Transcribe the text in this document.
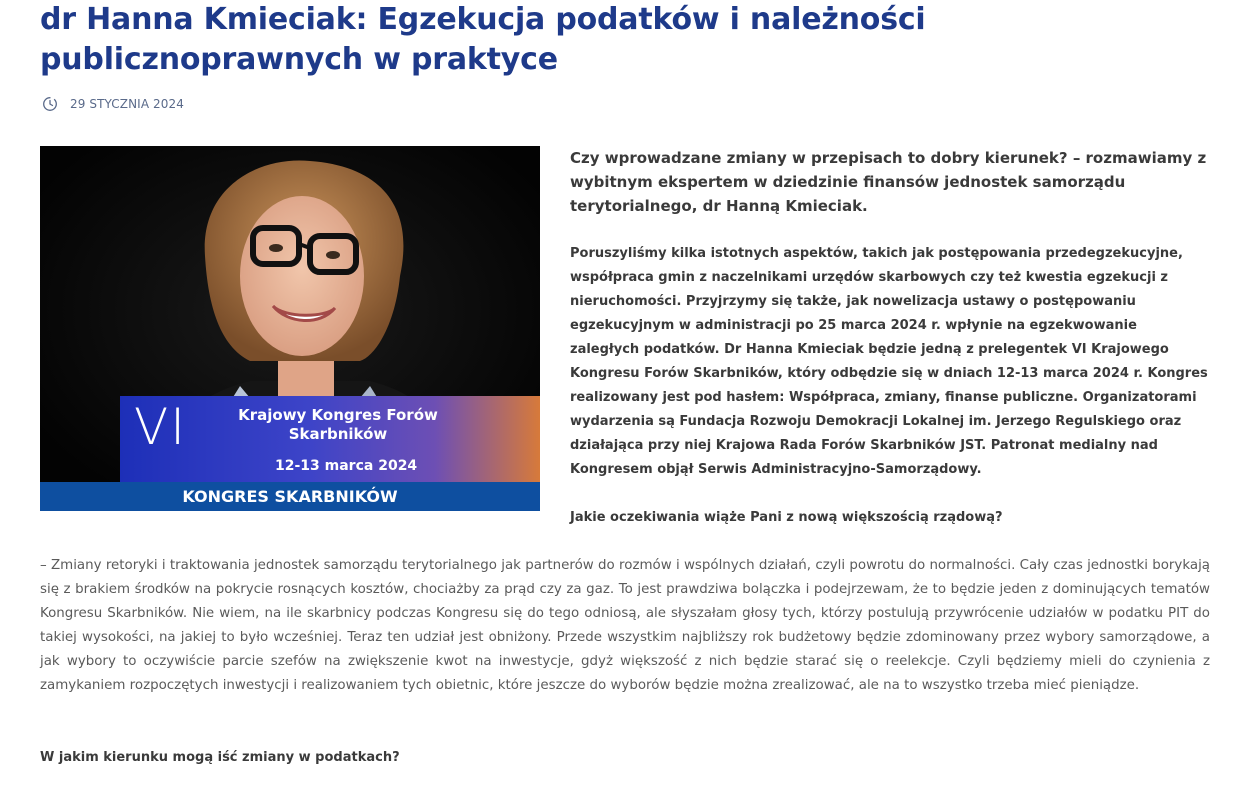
dr Hanna Kmieciak: Egzekucja podatków i należności publicznoprawnych w praktyce
29 STYCZNIA 2024
VI	Krajowy Kongres Forów Skarbników
12-13 marca 2024
KONGRES SKARBNIKÓW

Czy wprowadzane zmiany w przepisach to dobry kierunek? – rozmawiamy z wybitnym ekspertem w dziedzinie finansów jednostek samorządu terytorialnego, dr Hanną Kmieciak.

Poruszyliśmy kilka istotnych aspektów, takich jak postępowania przedegzekucyjne, współpraca gmin z naczelnikami urzędów skarbowych czy też kwestia egzekucji z nieruchomości. Przyjrzymy się także, jak nowelizacja ustawy o postępowaniu egzekucyjnym w administracji po 25 marca 2024 r. wpłynie na egzekwowanie zaległych podatków. Dr Hanna Kmieciak będzie jedną z prelegentek VI Krajowego Kongresu Forów Skarbników, który odbędzie się w dniach 12-13 marca 2024 r. Kongres realizowany jest pod hasłem: Współpraca, zmiany, finanse publiczne. Organizatorami wydarzenia są Fundacja Rozwoju Demokracji Lokalnej im. Jerzego Regulskiego oraz działająca przy niej Krajowa Rada Forów Skarbników JST. Patronat medialny nad Kongresem objął Serwis Administracyjno-Samorządowy.

Jakie oczekiwania wiąże Pani z nową większością rządową?

– Zmiany retoryki i traktowania jednostek samorządu terytorialnego jak partnerów do rozmów i wspólnych działań, czyli powrotu do normalności. Cały czas jednostki borykają się z brakiem środków na pokrycie rosnących kosztów, chociażby za prąd czy za gaz. To jest prawdziwa bolączka i podejrzewam, że to będzie jeden z dominujących tematów Kongresu Skarbników. Nie wiem, na ile skarbnicy podczas Kongresu się do tego odniosą, ale słyszałam głosy tych, którzy postulują przywrócenie udziałów w podatku PIT do takiej wysokości, na jakiej to było wcześniej. Teraz ten udział jest obniżony. Przede wszystkim najbliższy rok budżetowy będzie zdominowany przez wybory samorządowe, a jak wybory to oczywiście parcie szefów na zwiększenie kwot na inwestycje, gdyż większość z nich będzie starać się o reelekcje. Czyli będziemy mieli do czynienia z zamykaniem rozpoczętych inwestycji i realizowaniem tych obietnic, które jeszcze do wyborów będzie można zrealizować, ale na to wszystko trzeba mieć pieniądze.

W jakim kierunku mogą iść zmiany w podatkach?
